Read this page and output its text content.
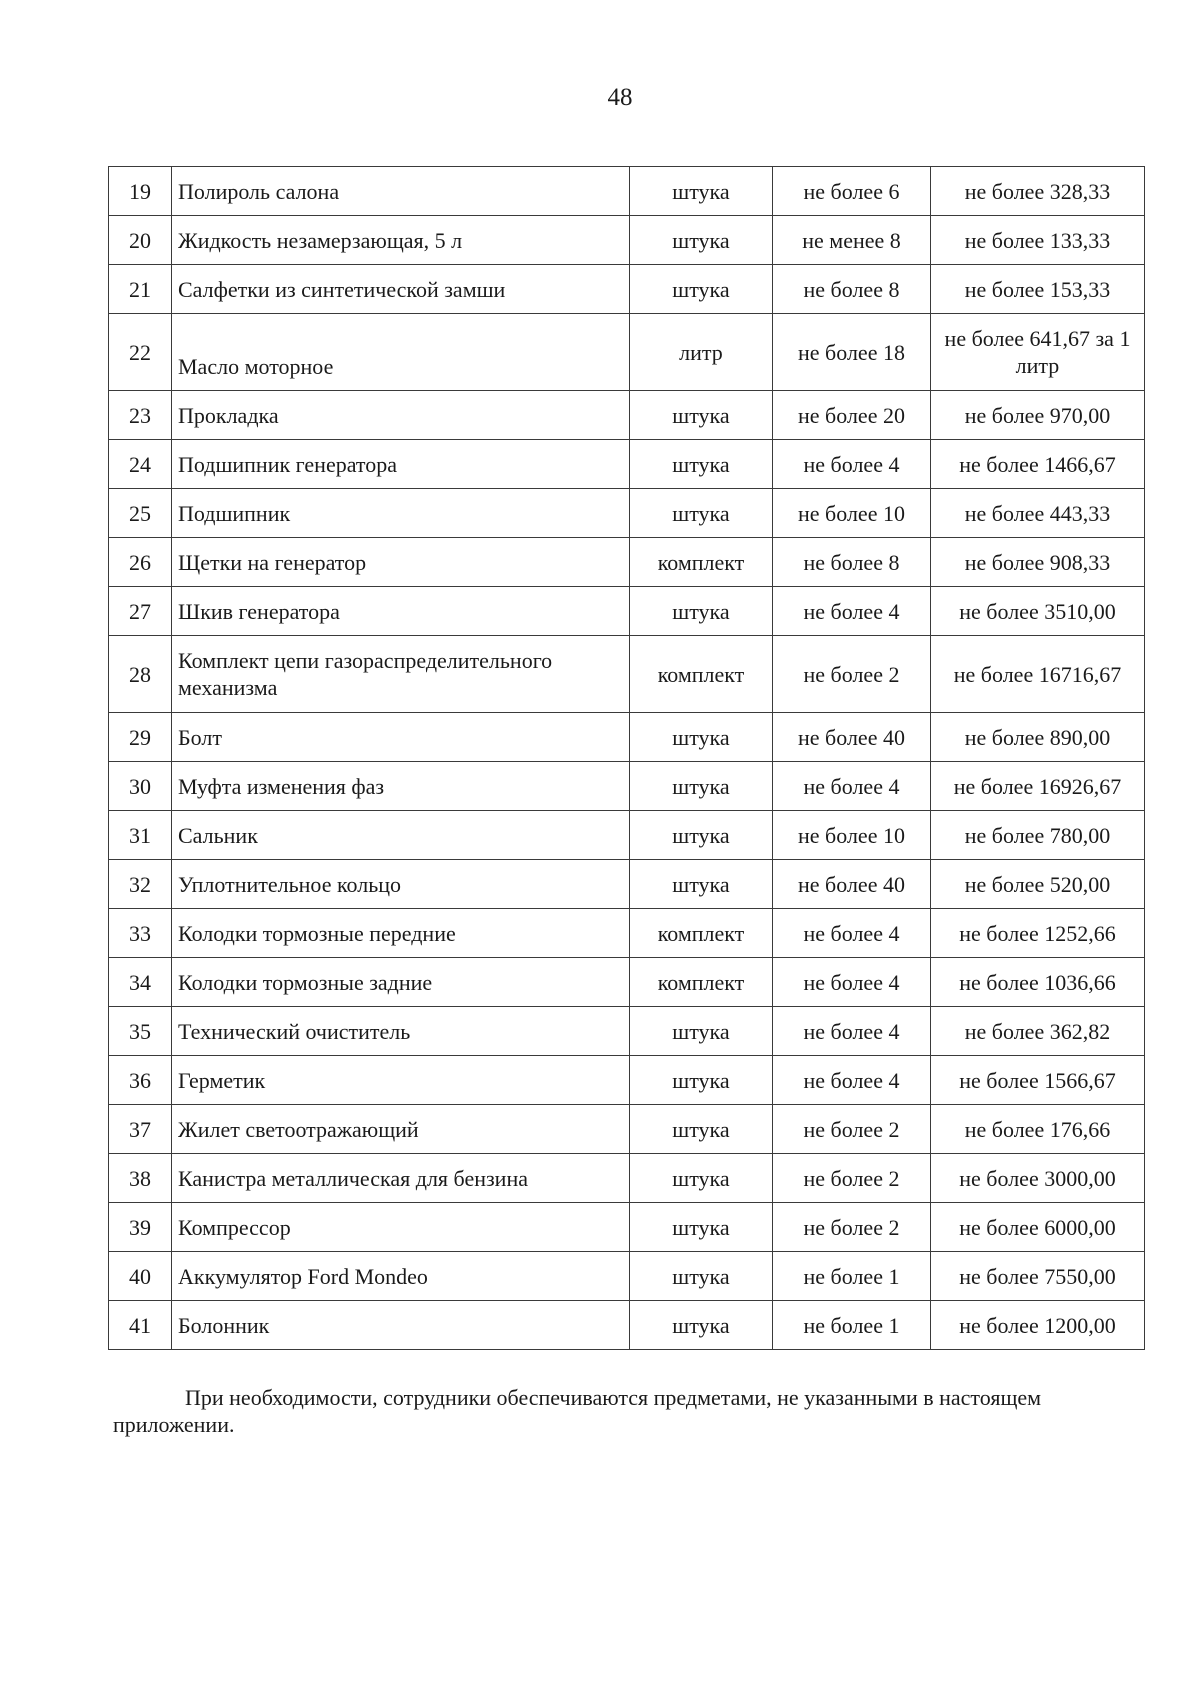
48
19	Полироль салона	штука	не более 6	не более 328,33
20	Жидкость незамерзающая, 5 л	штука	не менее 8	не более 133,33
21	Салфетки из синтетической замши	штука	не более 8	не более 153,33
22	Масло моторное	литр	не более 18	не более 641,67 за 1 литр
23	Прокладка	штука	не более 20	не более 970,00
24	Подшипник генератора	штука	не более 4	не более 1466,67
25	Подшипник	штука	не более 10	не более 443,33
26	Щетки на генератор	комплект	не более 8	не более 908,33
27	Шкив генератора	штука	не более 4	не более 3510,00
28	Комплект цепи газораспределительного механизма	комплект	не более 2	не более 16716,67
29	Болт	штука	не более 40	не более 890,00
30	Муфта изменения фаз	штука	не более 4	не более 16926,67
31	Сальник	штука	не более 10	не более 780,00
32	Уплотнительное кольцо	штука	не более 40	не более 520,00
33	Колодки тормозные передние	комплект	не более 4	не более 1252,66
34	Колодки тормозные задние	комплект	не более 4	не более 1036,66
35	Технический очиститель	штука	не более 4	не более 362,82
36	Герметик	штука	не более 4	не более 1566,67
37	Жилет светоотражающий	штука	не более 2	не более 176,66
38	Канистра металлическая для бензина	штука	не более 2	не более 3000,00
39	Компрессор	штука	не более 2	не более 6000,00
40	Аккумулятор Ford Mondeo	штука	не более 1	не более 7550,00
41	Болонник	штука	не более 1	не более 1200,00

При необходимости, сотрудники обеспечиваются предметами, не указанными в настоящем приложении.
